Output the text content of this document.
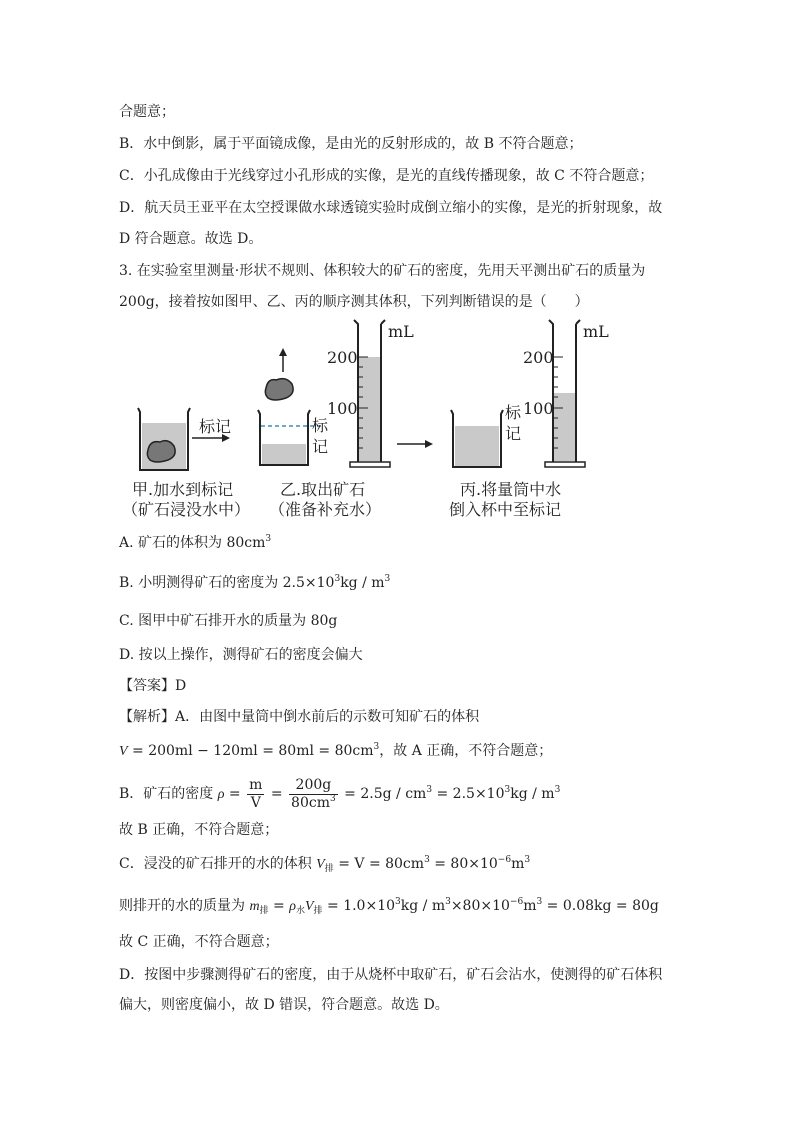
合题意；
B．水中倒影，属于平面镜成像，是由光的反射形成的，故 B 不符合题意；
C．小孔成像由于光线穿过小孔形成的实像，是光的直线传播现象，故 C 不符合题意；
D．航天员王亚平在太空授课做水球透镜实验时成倒立缩小的实像，是光的折射现象，故
D 符合题意。故选 D。
3. 在实验室里测量·形状不规则、体积较大的矿石的密度，先用天平测出矿石的质量为
200g，接着按如图甲、乙、丙的顺序测其体积，下列判断错误的是（　　）
标记	标
记
200
100
mL
标
记
200
100
mL
甲.加水到标记
（矿石浸没水中）
乙.取出矿石
（准备补充水）
丙.将量筒中水
倒入杯中至标记
A. 矿石的体积为 $80cm^3$
B. 小明测得矿石的密度为 $2.5\times 10^3kg / m^3$
C. 图甲中矿石排开水的质量为 80g
D. 按以上操作，测得矿石的密度会偏大
【答案】D
【解析】A．由图中量筒中倒水前后的示数可知矿石的体积
$V = 200ml - 120ml = 80ml = 80cm^3$，故 A 正确，不符合题意；
B．矿石的密度 $\rho = \frac{m}{V} = \frac{200g}{80cm^3} = 2.5g / cm^3 = 2.5\times 10^3kg / m^3$
故 B 正确，不符合题意；
C．浸没的矿石排开的水的体积 $V_排 = V = 80cm^3 = 80\times 10^{-6}m^3$
则排开的水的质量为 $m_排 = \rho_水V_排 = 1.0\times 10^3kg / m^3\times 80\times 10^{-6}m^3 = 0.08kg = 80g$
故 C 正确，不符合题意；
D．按图中步骤测得矿石的密度，由于从烧杯中取矿石，矿石会沾水，使测得的矿石体积
偏大，则密度偏小，故 D 错误，符合题意。故选 D。
